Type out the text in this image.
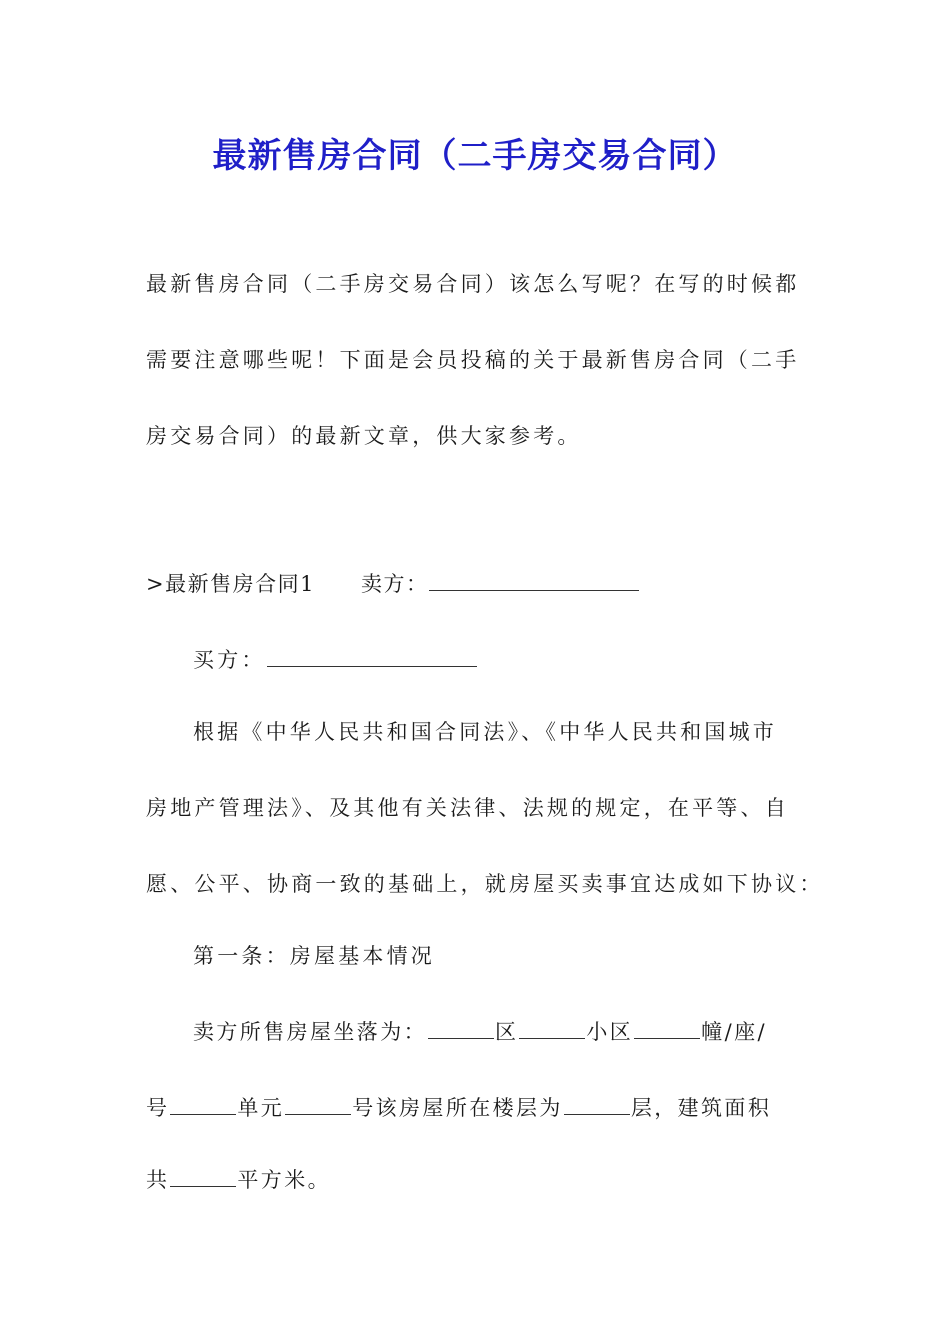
最新售房合同（二手房交易合同）
最新售房合同（二手房交易合同）该怎么写呢？在写的时候都
需要注意哪些呢！下面是会员投稿的关于最新售房合同（二手
房交易合同）的最新文章，供大家参考。
>最新售房合同1 卖方：
买方：
根据《中华人民共和国合同法》、《中华人民共和国城市
房地产管理法》、及其他有关法律、法规的规定，在平等、自
愿、公平、协商一致的基础上，就房屋买卖事宜达成如下协议：
第一条：房屋基本情况
卖方所售房屋坐落为：	区	小区	幢/座/
号	单元	号该房屋所在楼层为	层，建筑面积
共	平方米。
